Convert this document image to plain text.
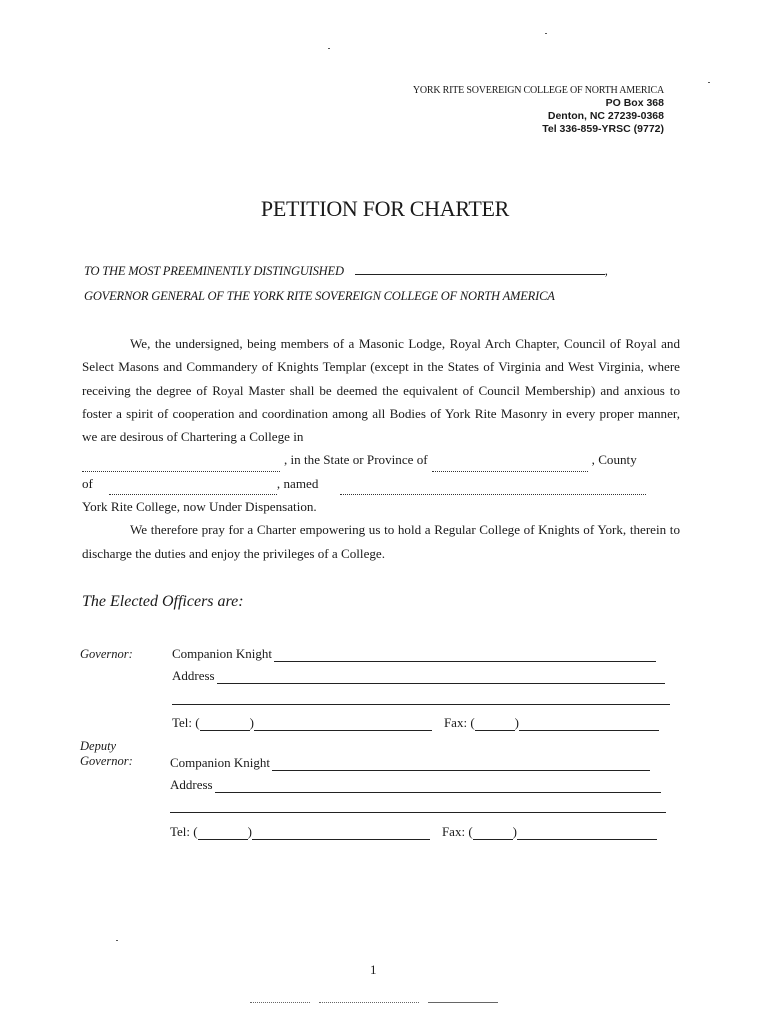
YORK RITE SOVEREIGN COLLEGE OF NORTH AMERICA
PO Box 368
Denton, NC 27239-0368
Tel 336-859-YRSC (9772)
PETITION FOR CHARTER
TO THE MOST PREEMINENTLY DISTINGUISHED	,
GOVERNOR GENERAL OF THE YORK RITE SOVEREIGN COLLEGE OF NORTH AMERICA

We, the undersigned, being members of a Masonic Lodge, Royal Arch Chapter, Council of Royal and Select Masons and Commandery of Knights Templar (except in the States of Virginia and West Virginia, where receiving the degree of Royal Master shall be deemed the equivalent of Council Membership) and anxious to foster a spirit of cooperation and coordination among all Bodies of York Rite Masonry in every proper manner, we are desirous of Chartering a College in

, in the State or Province of	, County
of	, named

York Rite College, now Under Dispensation.

We therefore pray for a Charter empowering us to hold a Regular College of Knights of York, therein to discharge the duties and enjoy the privileges of a College.

The Elected Officers are:
Governor:	Companion Knight
Address
Tel: (	)	Fax: (	)
Deputy
Governor:	Companion Knight
Address
Tel: (	)	Fax: (	)
1
